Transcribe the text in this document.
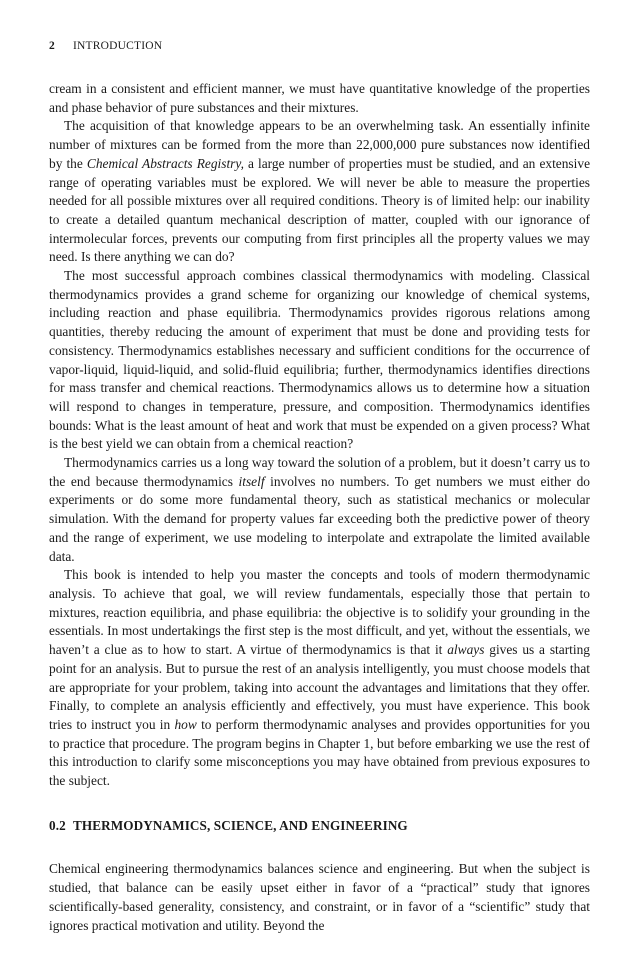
2 INTRODUCTION

cream in a consistent and efficient manner, we must have quantitative knowledge of the properties and phase behavior of pure substances and their mixtures.

The acquisition of that knowledge appears to be an overwhelming task. An essentially infinite number of mixtures can be formed from the more than 22,000,000 pure substances now identified by the Chemical Abstracts Registry, a large number of properties must be studied, and an extensive range of operating variables must be explored. We will never be able to measure the properties needed for all possible mixtures over all required conditions. Theory is of limited help: our inability to create a detailed quantum mechanical description of matter, coupled with our ignorance of intermolecular forces, prevents our computing from first principles all the property values we may need. Is there anything we can do?

The most successful approach combines classical thermodynamics with modeling. Classical thermodynamics provides a grand scheme for organizing our knowledge of chemical systems, including reaction and phase equilibria. Thermodynamics provides rigorous relations among quantities, thereby reducing the amount of experiment that must be done and providing tests for consistency. Thermodynamics establishes necessary and sufficient conditions for the occurrence of vapor-liquid, liquid-liquid, and solid-fluid equilibria; further, thermodynamics identifies directions for mass transfer and chemical reactions. Thermodynamics allows us to determine how a situation will respond to changes in temperature, pressure, and composition. Thermodynamics identifies bounds: What is the least amount of heat and work that must be expended on a given process? What is the best yield we can obtain from a chemical reaction?

Thermodynamics carries us a long way toward the solution of a problem, but it doesn’t carry us to the end because thermodynamics itself involves no numbers. To get numbers we must either do experiments or do some more fundamental theory, such as statistical mechanics or molecular simulation. With the demand for property values far exceeding both the predictive power of theory and the range of experiment, we use modeling to interpolate and extrapolate the limited available data.

This book is intended to help you master the concepts and tools of modern thermodynamic analysis. To achieve that goal, we will review fundamentals, especially those that pertain to mixtures, reaction equilibria, and phase equilibria: the objective is to solidify your grounding in the essentials. In most undertakings the first step is the most difficult, and yet, without the essentials, we haven’t a clue as to how to start. A virtue of thermodynamics is that it always gives us a starting point for an analysis. But to pursue the rest of an analysis intelligently, you must choose models that are appropriate for your problem, taking into account the advantages and limitations that they offer. Finally, to complete an analysis efficiently and effectively, you must have experience. This book tries to instruct you in how to perform thermodynamic analyses and provides opportunities for you to practice that procedure. The program begins in Chapter 1, but before embarking we use the rest of this introduction to clarify some misconceptions you may have obtained from previous exposures to the subject.

0.2 THERMODYNAMICS, SCIENCE, AND ENGINEERING

Chemical engineering thermodynamics balances science and engineering. But when the subject is studied, that balance can be easily upset either in favor of a “practical” study that ignores scientifically-based generality, consistency, and constraint, or in favor of a “scientific” study that ignores practical motivation and utility. Beyond the
